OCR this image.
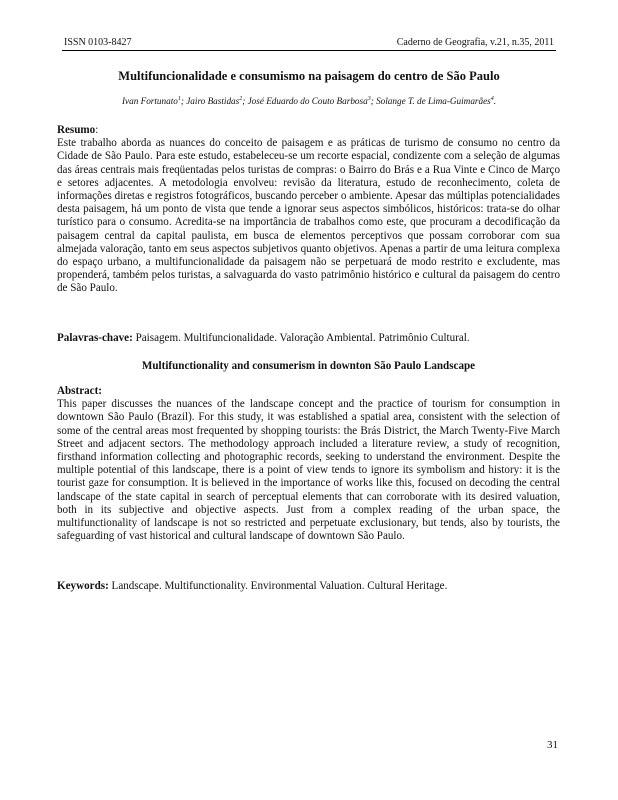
ISSN 0103-8427	Caderno de Geografia, v.21, n.35, 2011
Multifuncionalidade e consumismo na paisagem do centro de São Paulo
Ivan Fortunato$^1$; Jairo Bastidas$^2$; José Eduardo do Couto Barbosa$^3$; Solange T. de Lima-Guimarães$^4$.
Resumo:
Este trabalho aborda as nuances do conceito de paisagem e as práticas de turismo de consumo no centro da Cidade de São Paulo. Para este estudo, estabeleceu-se um recorte espacial, condizente com a seleção de algumas das áreas centrais mais freqüentadas pelos turistas de compras: o Bairro do Brás e a Rua Vinte e Cinco de Março e setores adjacentes. A metodologia envolveu: revisão da literatura, estudo de reconhecimento, coleta de informações diretas e registros fotográficos, buscando perceber o ambiente. Apesar das múltiplas potencialidades desta paisagem, há um ponto de vista que tende a ignorar seus aspectos simbólicos, históricos: trata-se do olhar turístico para o consumo. Acredita-se na importância de trabalhos como este, que procuram a decodificação da paisagem central da capital paulista, em busca de elementos perceptivos que possam corroborar com sua almejada valoração, tanto em seus aspectos subjetivos quanto objetivos. Apenas a partir de uma leitura complexa do espaço urbano, a multifuncionalidade da paisagem não se perpetuará de modo restrito e excludente, mas propenderá, também pelos turistas, a salvaguarda do vasto patrimônio histórico e cultural da paisagem do centro de São Paulo.
Palavras-chave: Paisagem. Multifuncionalidade. Valoração Ambiental. Patrimônio Cultural.
Multifunctionality and consumerism in downton São Paulo Landscape
Abstract:
This paper discusses the nuances of the landscape concept and the practice of tourism for consumption in downtown São Paulo (Brazil). For this study, it was established a spatial area, consistent with the selection of some of the central areas most frequented by shopping tourists: the Brás District, the March Twenty-Five March Street and adjacent sectors. The methodology approach included a literature review, a study of recognition, firsthand information collecting and photographic records, seeking to understand the environment. Despite the multiple potential of this landscape, there is a point of view tends to ignore its symbolism and history: it is the tourist gaze for consumption. It is believed in the importance of works like this, focused on decoding the central landscape of the state capital in search of perceptual elements that can corroborate with its desired valuation, both in its subjective and objective aspects. Just from a complex reading of the urban space, the multifunctionality of landscape is not so restricted and perpetuate exclusionary, but tends, also by tourists, the safeguarding of vast historical and cultural landscape of downtown São Paulo.
Keywords: Landscape. Multifunctionality. Environmental Valuation. Cultural Heritage.
31
